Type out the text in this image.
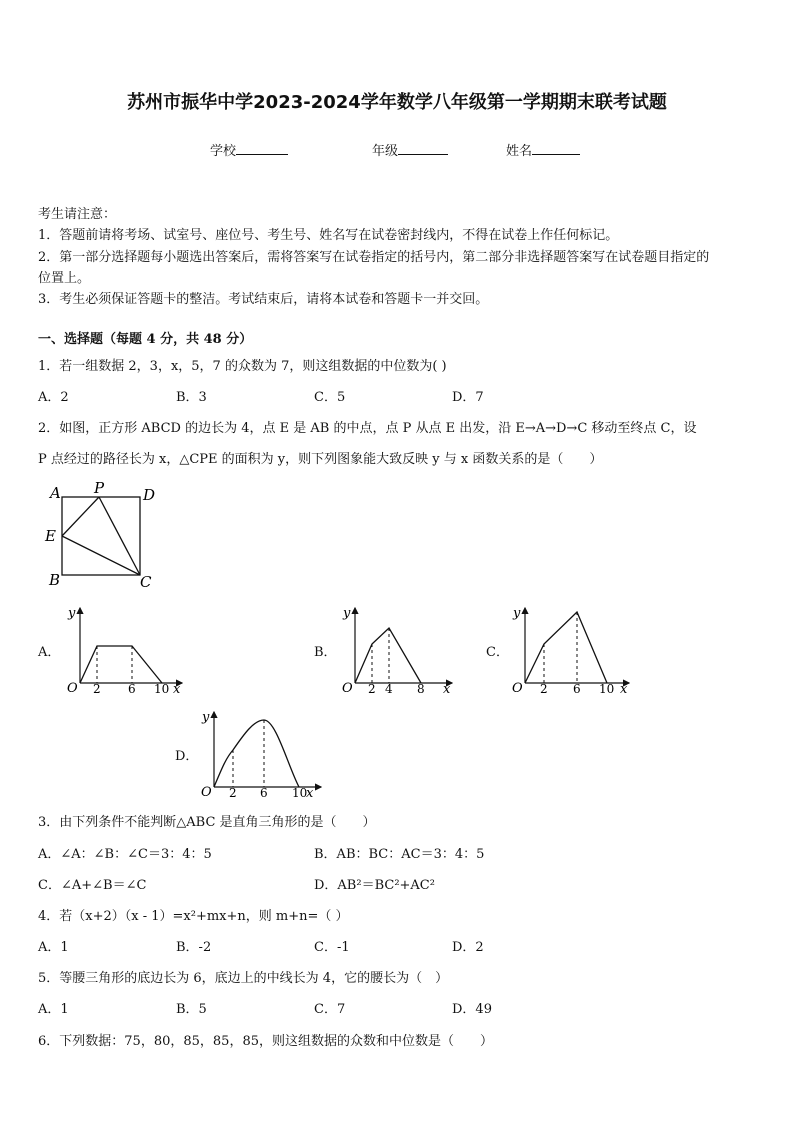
苏州市振华中学2023-2024学年数学八年级第一学期期末联考试题
学校	年级	姓名
考生请注意：
1．答题前请将考场、试室号、座位号、考生号、姓名写在试卷密封线内，不得在试卷上作任何标记。
2．第一部分选择题每小题选出答案后，需将答案写在试卷指定的括号内，第二部分非选择题答案写在试卷题目指定的
位置上。
3．考生必须保证答题卡的整洁。考试结束后，请将本试卷和答题卡一并交回。
一、选择题（每题 4 分，共 48 分）
1．若一组数据 2，3，x，5，7 的众数为 7，则这组数据的中位数为( )
A．2	B．3	C．5	D．7
2．如图，正方形 ABCD 的边长为 4，点 E 是 AB 的中点，点 P 从点 E 出发，沿 E→A→D→C 移动至终点 C，设
P 点经过的路径长为 x，△CPE 的面积为 y，则下列图象能大致反映 y 与 x 函数关系的是（　　）
A P	D
E
B	C
A．
y
O 2 6 10 x
B．
y
O 2 4 8 x
C．
y
O 2 6 10 x
D．
y
O 2 6 10
x
3．由下列条件不能判断△ABC 是直角三角形的是（　　）
A．∠A：∠B：∠C＝3：4：5	B．AB：BC：AC＝3：4：5
C．∠A+∠B＝∠C	D．AB²＝BC²+AC²
4．若（x+2）（x - 1）=x²+mx+n，则 m+n=（ ）
A．1	B．-2	C．-1	D．2
5．等腰三角形的底边长为 6，底边上的中线长为 4，它的腰长为（　）
A．1	B．5	C．7	D．49
6．下列数据：75，80，85，85，85，则这组数据的众数和中位数是（　　）
